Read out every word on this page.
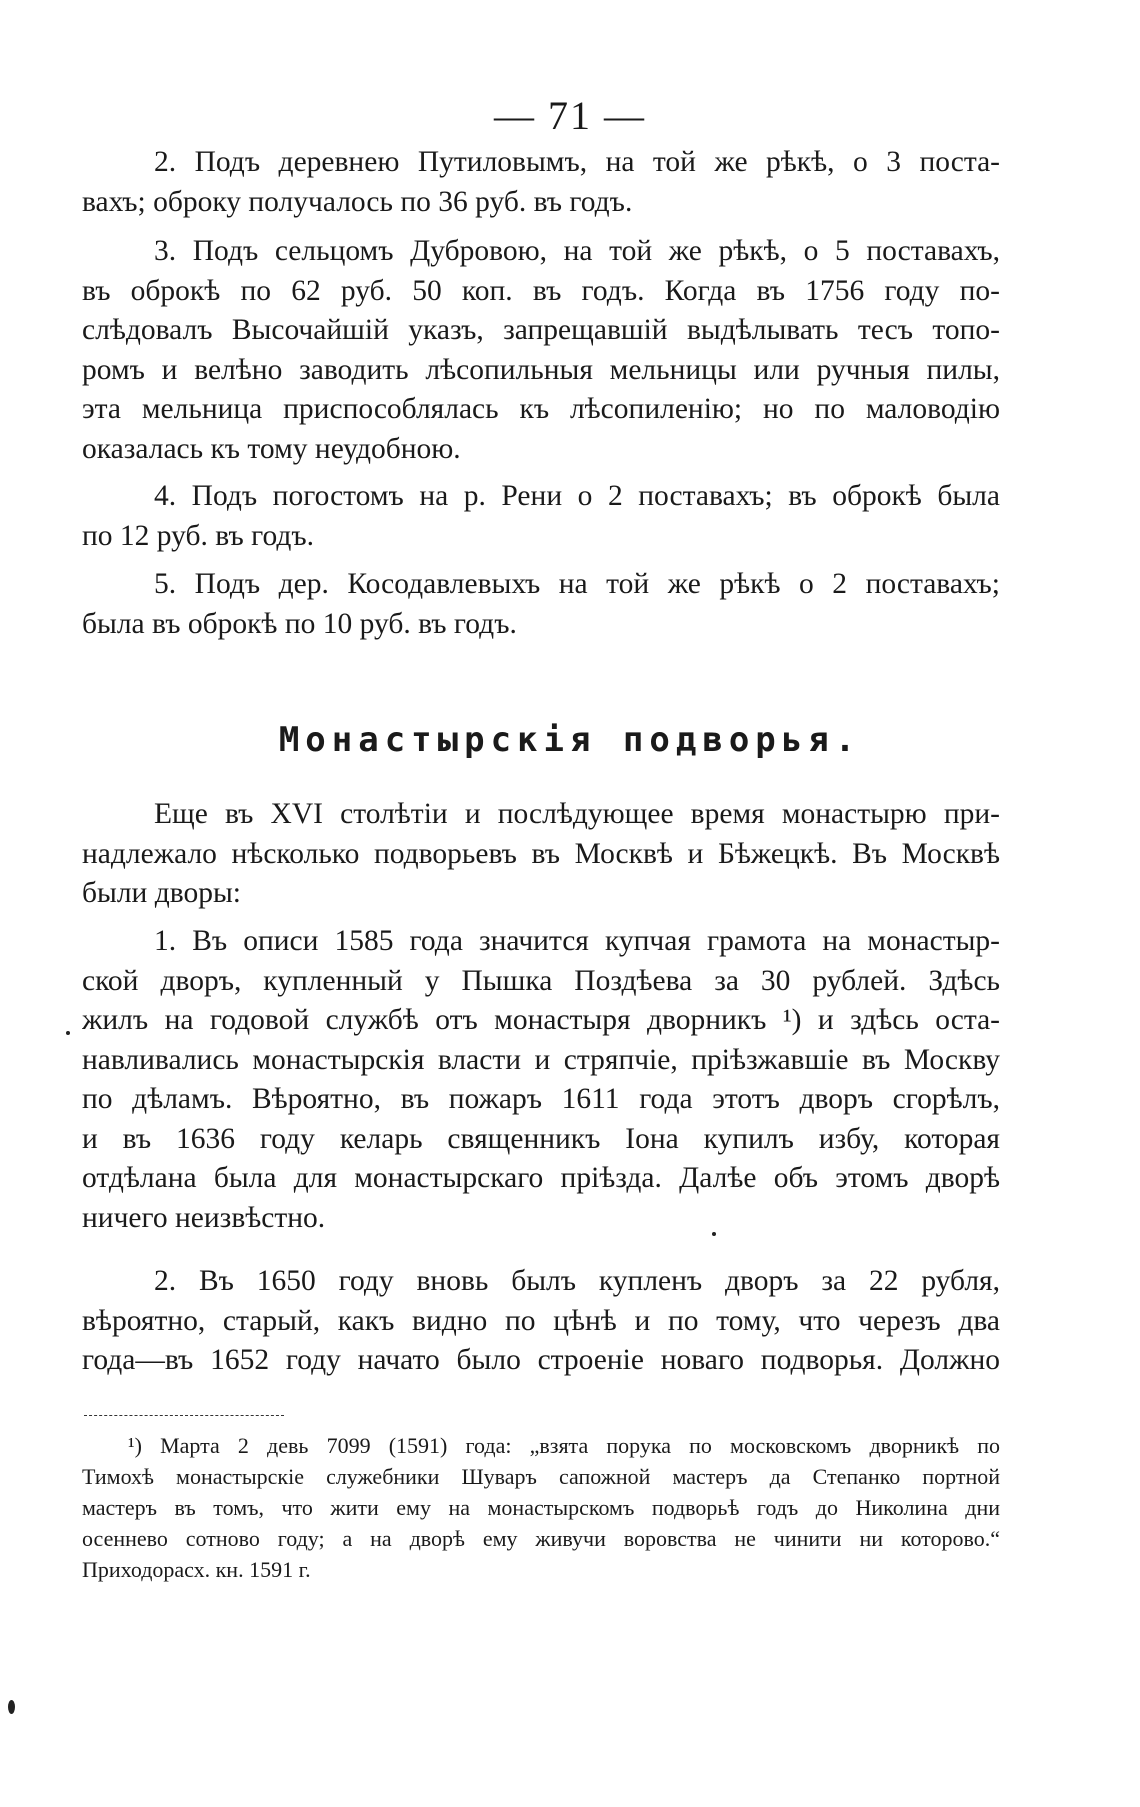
— 71 —
2. Подъ деревнею Путиловымъ, на той же рѣкѣ, о 3 поста-
вахъ; оброку получалось по 36 руб. въ годъ.
3. Подъ сельцомъ Дубровою, на той же рѣкѣ, о 5 поставахъ,
въ оброкѣ по 62 руб. 50 коп. въ годъ. Когда въ 1756 году по-
слѣдовалъ Высочайшій указъ, запрещавшій выдѣлывать тесъ топо-
ромъ и велѣно заводить лѣсопильныя мельницы или ручныя пилы,
эта мельница приспособлялась къ лѣсопиленію; но по маловодію
оказалась къ тому неудобною.
4. Подъ погостомъ на р. Рени о 2 поставахъ; въ оброкѣ была
по 12 руб. въ годъ.
5. Подъ дер. Косодавлевыхъ на той же рѣкѣ о 2 поставахъ;
была въ оброкѣ по 10 руб. въ годъ.
Монастырскія подворья.
Еще въ XVI столѣтіи и послѣдующее время монастырю при-
надлежало нѣсколько подворьевъ въ Москвѣ и Бѣжецкѣ. Въ Москвѣ
были дворы:
1. Въ описи 1585 года значится купчая грамота на монастыр-
ской дворъ, купленный у Пышка Поздѣева за 30 рублей. Здѣсь
жилъ на годовой службѣ отъ монастыря дворникъ ¹) и здѣсь оста-
навливались монастырскія власти и стряпчіе, пріѣзжавшіе въ Москву
по дѣламъ. Вѣроятно, въ пожаръ 1611 года этотъ дворъ сгорѣлъ,
и въ 1636 году келарь священникъ Іона купилъ избу, которая
отдѣлана была для монастырскаго пріѣзда. Далѣе объ этомъ дворѣ
ничего неизвѣстно.
2. Въ 1650 году вновь былъ купленъ дворъ за 22 рубля,
вѣроятно, старый, какъ видно по цѣнѣ и по тому, что черезъ два
года—въ 1652 году начато было строеніе новаго подворья. Должно
¹) Марта 2 девь 7099 (1591) года: „взята порука по московскомъ дворникѣ по
Тимохѣ монастырскіе служебники Шуваръ сапожной мастеръ да Степанко портной
мастеръ въ томъ, что жити ему на монастырскомъ подворьѣ годъ до Николина дни
осеннево сотново году; а на дворѣ ему живучи воровства не чинити ни которово.“
Приходорасх. кн. 1591 г.
